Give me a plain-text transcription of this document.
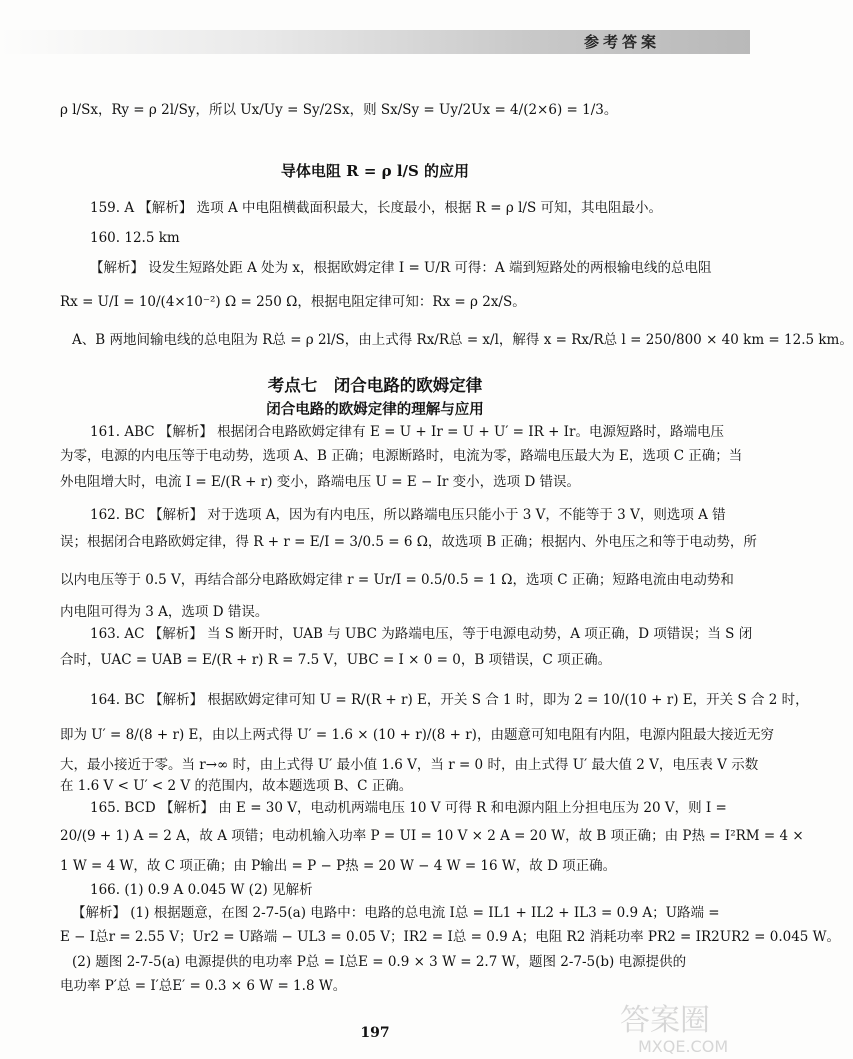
参考答案
ρ l/Sx，Ry = ρ 2l/Sy，所以 Ux/Uy = Sy/2Sx，则 Sx/Sy = Uy/2Ux = 4/(2×6) = 1/3。
159. A 【解析】 选项 A 中电阻横截面积最大，长度最小，根据 R = ρ l/S 可知，其电阻最小。
160. 12.5 km
【解析】 设发生短路处距 A 处为 x，根据欧姆定律 I = U/R 可得：A 端到短路处的两根输电线的总电阻
Rx = U/I = 10/(4×10⁻²) Ω = 250 Ω，根据电阻定律可知：Rx = ρ 2x/S。
A、B 两地间输电线的总电阻为 R总 = ρ 2l/S，由上式得 Rx/R总 = x/l，解得 x = Rx/R总 l = 250/800 × 40 km = 12.5 km。
161. ABC 【解析】 根据闭合电路欧姆定律有 E = U + Ir = U + U′ = IR + Ir。电源短路时，路端电压
为零，电源的内电压等于电动势，选项 A、B 正确；电源断路时，电流为零，路端电压最大为 E，选项 C 正确；当
外电阻增大时，电流 I = E/(R + r) 变小，路端电压 U = E − Ir 变小，选项 D 错误。
162. BC 【解析】 对于选项 A，因为有内电压，所以路端电压只能小于 3 V，不能等于 3 V，则选项 A 错
误；根据闭合电路欧姆定律，得 R + r = E/I = 3/0.5 = 6 Ω，故选项 B 正确；根据内、外电压之和等于电动势，所
以内电压等于 0.5 V，再结合部分电路欧姆定律 r = Ur/I = 0.5/0.5 = 1 Ω，选项 C 正确；短路电流由电动势和
内电阻可得为 3 A，选项 D 错误。
163. AC 【解析】 当 S 断开时，UAB 与 UBC 为路端电压，等于电源电动势，A 项正确，D 项错误；当 S 闭
合时，UAC = UAB = E/(R + r) R = 7.5 V，UBC = I × 0 = 0，B 项错误，C 项正确。
164. BC 【解析】 根据欧姆定律可知 U = R/(R + r) E，开关 S 合 1 时，即为 2 = 10/(10 + r) E，开关 S 合 2 时，
即为 U′ = 8/(8 + r) E，由以上两式得 U′ = 1.6 × (10 + r)/(8 + r)，由题意可知电阻有内阻，电源内阻最大接近无穷
大，最小接近于零。当 r→∞ 时，由上式得 U′ 最小值 1.6 V，当 r = 0 时，由上式得 U′ 最大值 2 V，电压表 V 示数
在 1.6 V < U′ < 2 V 的范围内，故本题选项 B、C 正确。
165. BCD 【解析】 由 E = 30 V，电动机两端电压 10 V 可得 R 和电源内阻上分担电压为 20 V，则 I =
20/(9 + 1) A = 2 A，故 A 项错；电动机输入功率 P = UI = 10 V × 2 A = 20 W，故 B 项正确；由 P热 = I²RM = 4 ×
1 W = 4 W，故 C 项正确；由 P输出 = P − P热 = 20 W − 4 W = 16 W，故 D 项正确。
166. (1) 0.9 A 0.045 W (2) 见解析
【解析】 (1) 根据题意，在图 2-7-5(a) 电路中：电路的总电流 I总 = IL1 + IL2 + IL3 = 0.9 A；U路端 =
E − I总r = 2.55 V；Ur2 = U路端 − UL3 = 0.05 V；IR2 = I总 = 0.9 A；电阻 R2 消耗功率 PR2 = IR2UR2 = 0.045 W。
(2) 题图 2-7-5(a) 电源提供的电功率 P总 = I总E = 0.9 × 3 W = 2.7 W，题图 2-7-5(b) 电源提供的
电功率 P′总 = I′总E′ = 0.3 × 6 W = 1.8 W。
导体电阻 R = ρ l/S 的应用
考点七　闭合电路的欧姆定律
闭合电路的欧姆定律的理解与应用
197	答案圈
MXQE.COM
